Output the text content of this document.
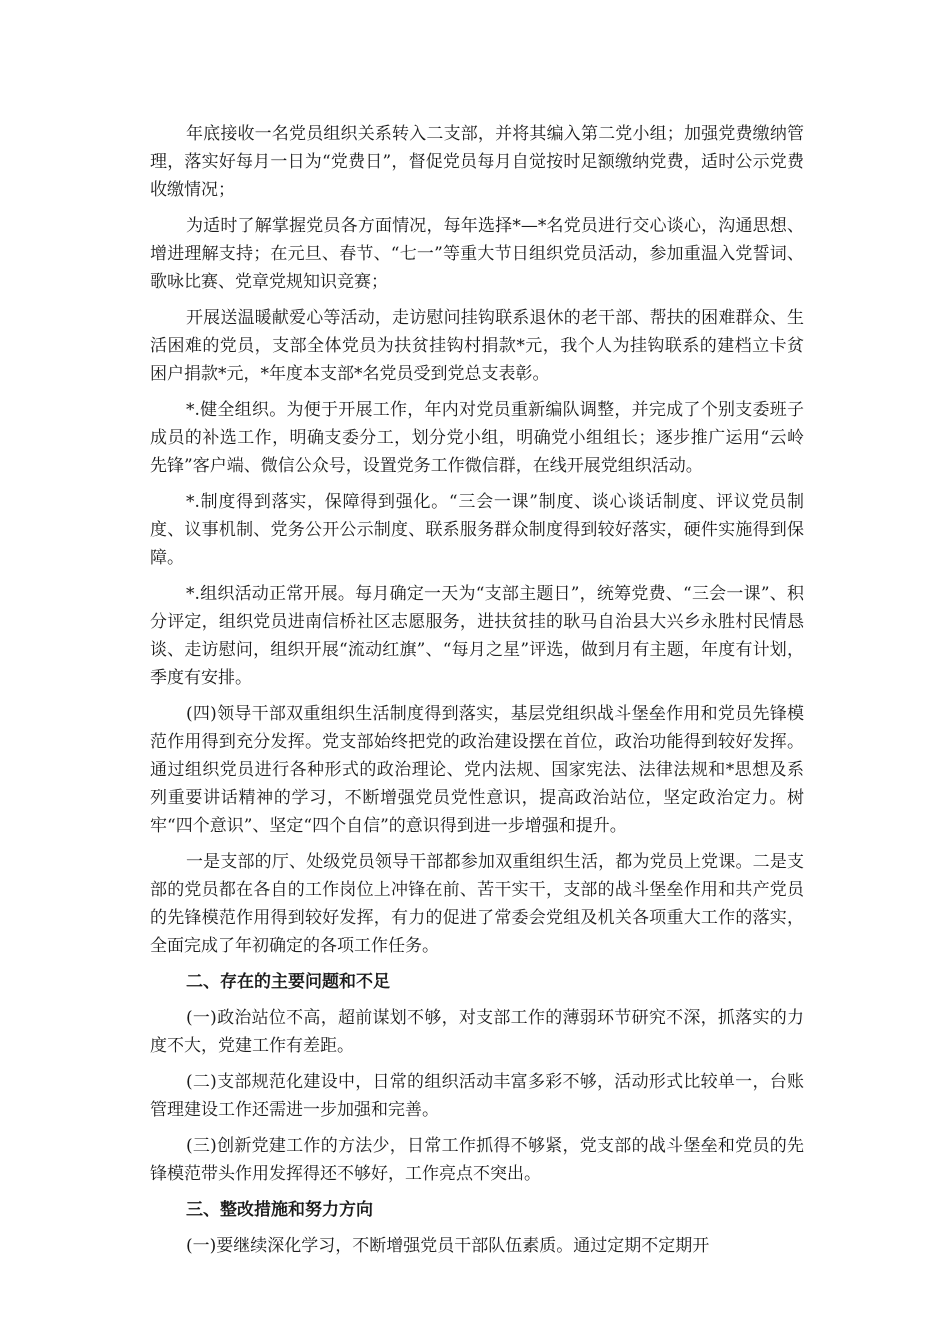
年底接收一名党员组织关系转入二支部，并将其编入第二党小组；加强党费缴纳管理，落实好每月一日为“党费日”，督促党员每月自觉按时足额缴纳党费，适时公示党费收缴情况；

为适时了解掌握党员各方面情况，每年选择*—*名党员进行交心谈心，沟通思想、增进理解支持；在元旦、春节、“七一”等重大节日组织党员活动，参加重温入党誓词、歌咏比赛、党章党规知识竞赛；

开展送温暖献爱心等活动，走访慰问挂钩联系退休的老干部、帮扶的困难群众、生活困难的党员，支部全体党员为扶贫挂钩村捐款*元，我个人为挂钩联系的建档立卡贫困户捐款*元，*年度本支部*名党员受到党总支表彰。

*.健全组织。为便于开展工作，年内对党员重新编队调整，并完成了个别支委班子成员的补选工作，明确支委分工，划分党小组，明确党小组组长；逐步推广运用“云岭先锋”客户端、微信公众号，设置党务工作微信群，在线开展党组织活动。

*.制度得到落实，保障得到强化。“三会一课”制度、谈心谈话制度、评议党员制度、议事机制、党务公开公示制度、联系服务群众制度得到较好落实，硬件实施得到保障。

*.组织活动正常开展。每月确定一天为“支部主题日”，统筹党费、“三会一课”、积分评定，组织党员进南信桥社区志愿服务，进扶贫挂的耿马自治县大兴乡永胜村民情恳谈、走访慰问，组织开展“流动红旗”、“每月之星”评选，做到月有主题，年度有计划，季度有安排。

(四)领导干部双重组织生活制度得到落实，基层党组织战斗堡垒作用和党员先锋模范作用得到充分发挥。党支部始终把党的政治建设摆在首位，政治功能得到较好发挥。通过组织党员进行各种形式的政治理论、党内法规、国家宪法、法律法规和*思想及系列重要讲话精神的学习，不断增强党员党性意识，提高政治站位，坚定政治定力。树牢“四个意识”、坚定“四个自信”的意识得到进一步增强和提升。

一是支部的厅、处级党员领导干部都参加双重组织生活，都为党员上党课。二是支部的党员都在各自的工作岗位上冲锋在前、苦干实干，支部的战斗堡垒作用和共产党员的先锋模范作用得到较好发挥，有力的促进了常委会党组及机关各项重大工作的落实，全面完成了年初确定的各项工作任务。

二、存在的主要问题和不足

(一)政治站位不高，超前谋划不够，对支部工作的薄弱环节研究不深，抓落实的力度不大，党建工作有差距。

(二)支部规范化建设中，日常的组织活动丰富多彩不够，活动形式比较单一，台账管理建设工作还需进一步加强和完善。

(三)创新党建工作的方法少，日常工作抓得不够紧，党支部的战斗堡垒和党员的先锋模范带头作用发挥得还不够好，工作亮点不突出。

三、整改措施和努力方向

(一)要继续深化学习，不断增强党员干部队伍素质。通过定期不定期开
